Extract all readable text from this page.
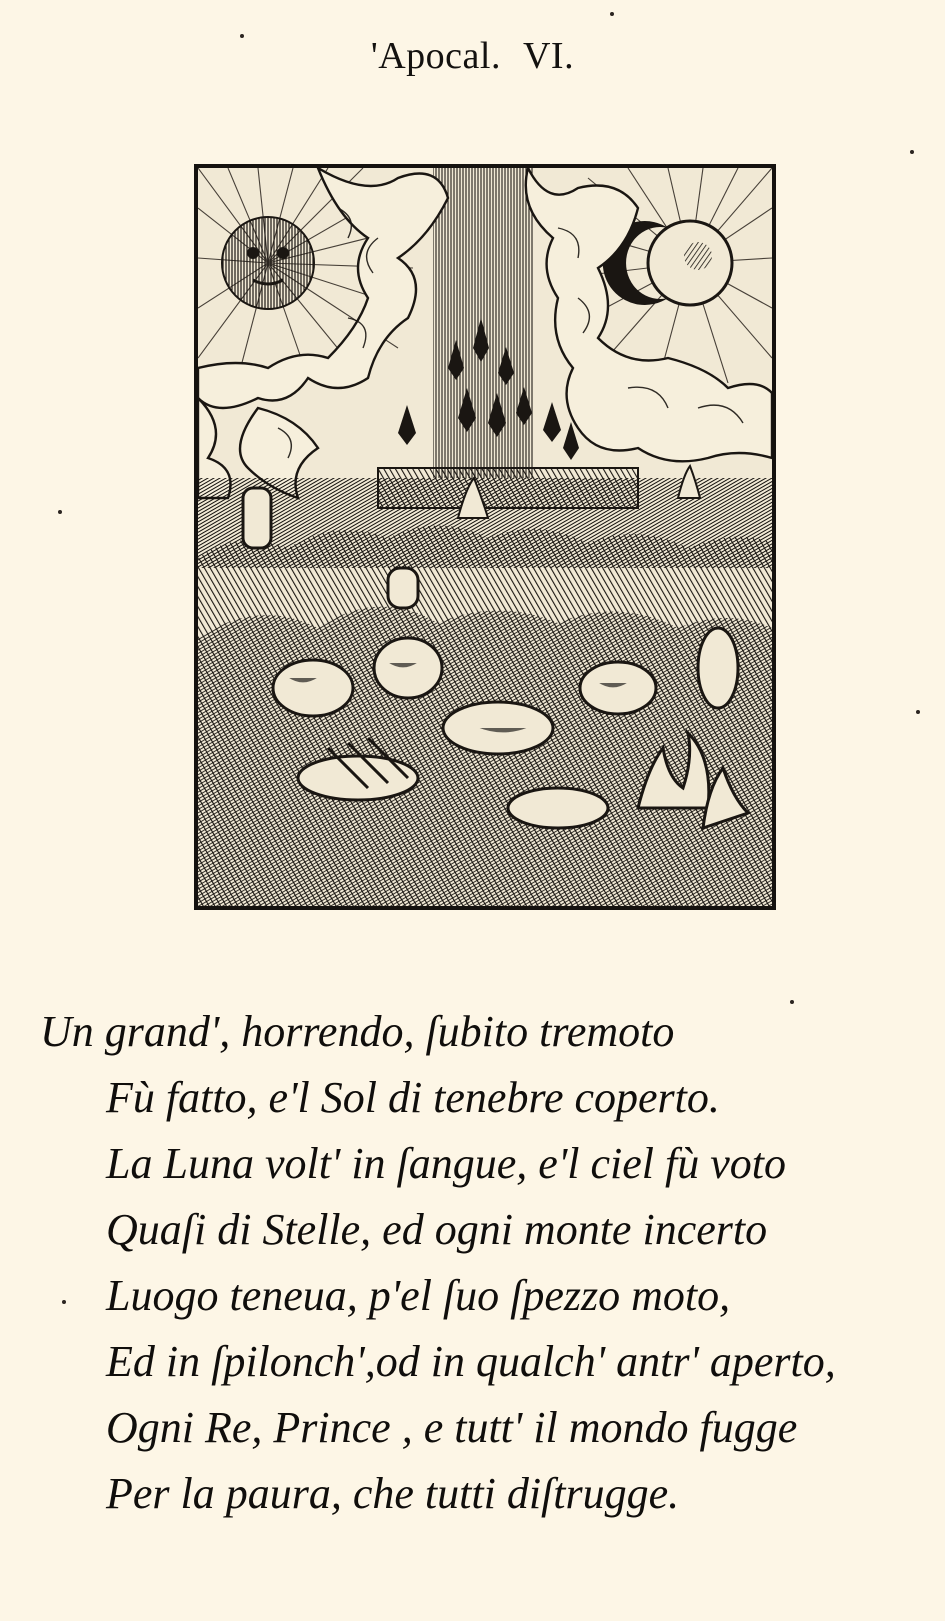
'Apocal. VI.
Un grand', horrendo, ſubito tremoto
Fù fatto, e'l Sol di tenebre coperto.
La Luna volt' in ſangue, e'l ciel fù voto
Quaſi di Stelle, ed ogni monte incerto
Luogo teneua, p'el ſuo ſpezzo moto,
Ed in ſpilonch',od in qualch' antr' aperto,
Ogni Re, Prince , e tutt' il mondo fugge
Per la paura, che tutti diſtrugge.
